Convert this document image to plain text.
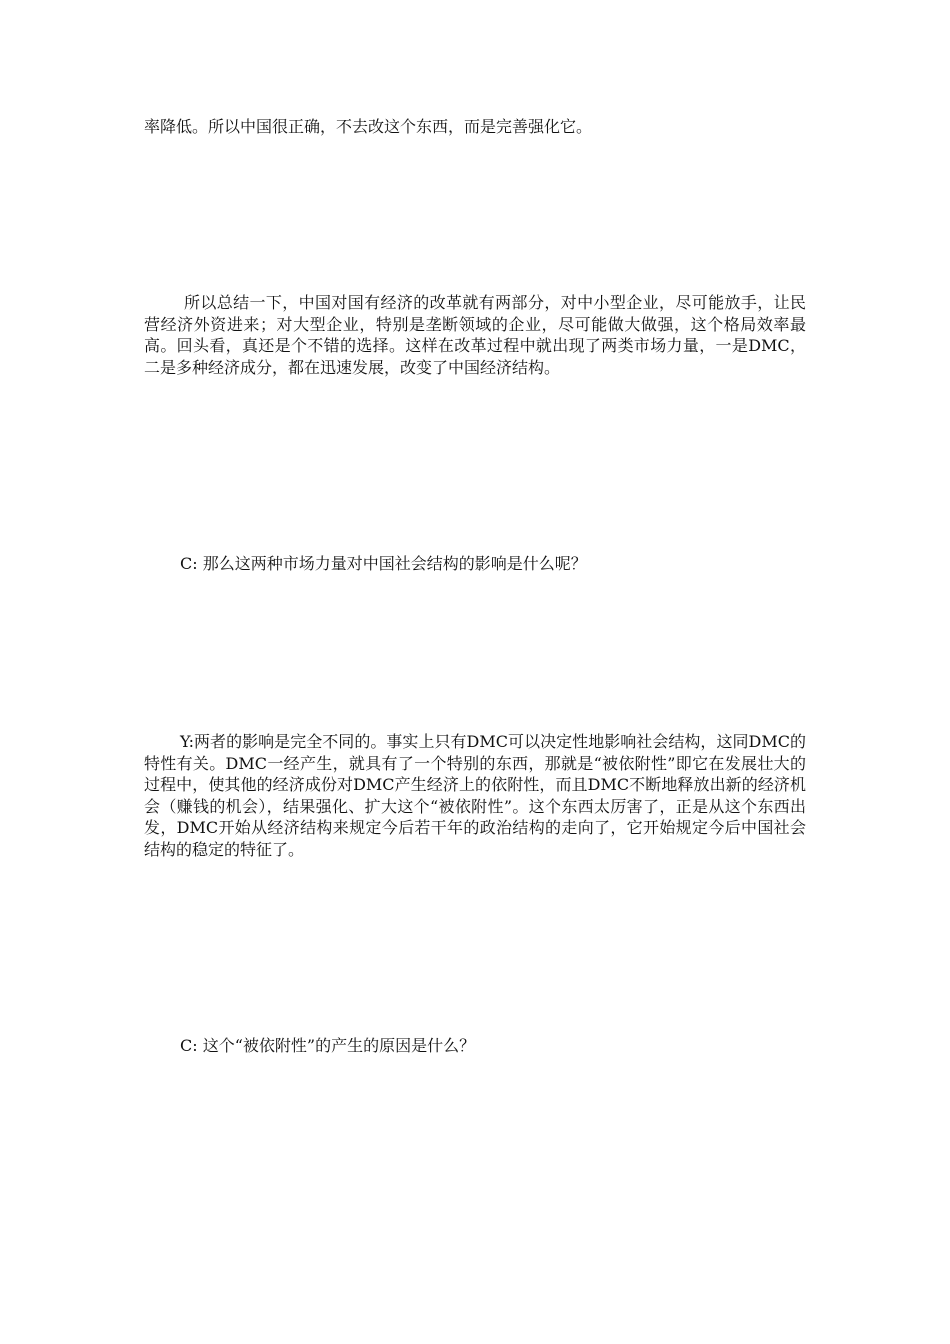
率降低。所以中国很正确，不去改这个东西，而是完善强化它。

所以总结一下，中国对国有经济的改革就有两部分，对中小型企业，尽可能放手，让民营经济外资进来；对大型企业，特别是垄断领域的企业，尽可能做大做强，这个格局效率最高。回头看，真还是个不错的选择。这样在改革过程中就出现了两类市场力量，一是DMC，二是多种经济成分，都在迅速发展，改变了中国经济结构。

C: 那么这两种市场力量对中国社会结构的影响是什么呢？

Y:两者的影响是完全不同的。事实上只有DMC可以决定性地影响社会结构，这同DMC的特性有关。DMC一经产生，就具有了一个特别的东西，那就是“被依附性”即它在发展壮大的过程中，使其他的经济成份对DMC产生经济上的依附性，而且DMC不断地释放出新的经济机会（赚钱的机会），结果强化、扩大这个“被依附性”。这个东西太厉害了，正是从这个东西出发，DMC开始从经济结构来规定今后若干年的政治结构的走向了，它开始规定今后中国社会结构的稳定的特征了。

C: 这个“被依附性”的产生的原因是什么？
